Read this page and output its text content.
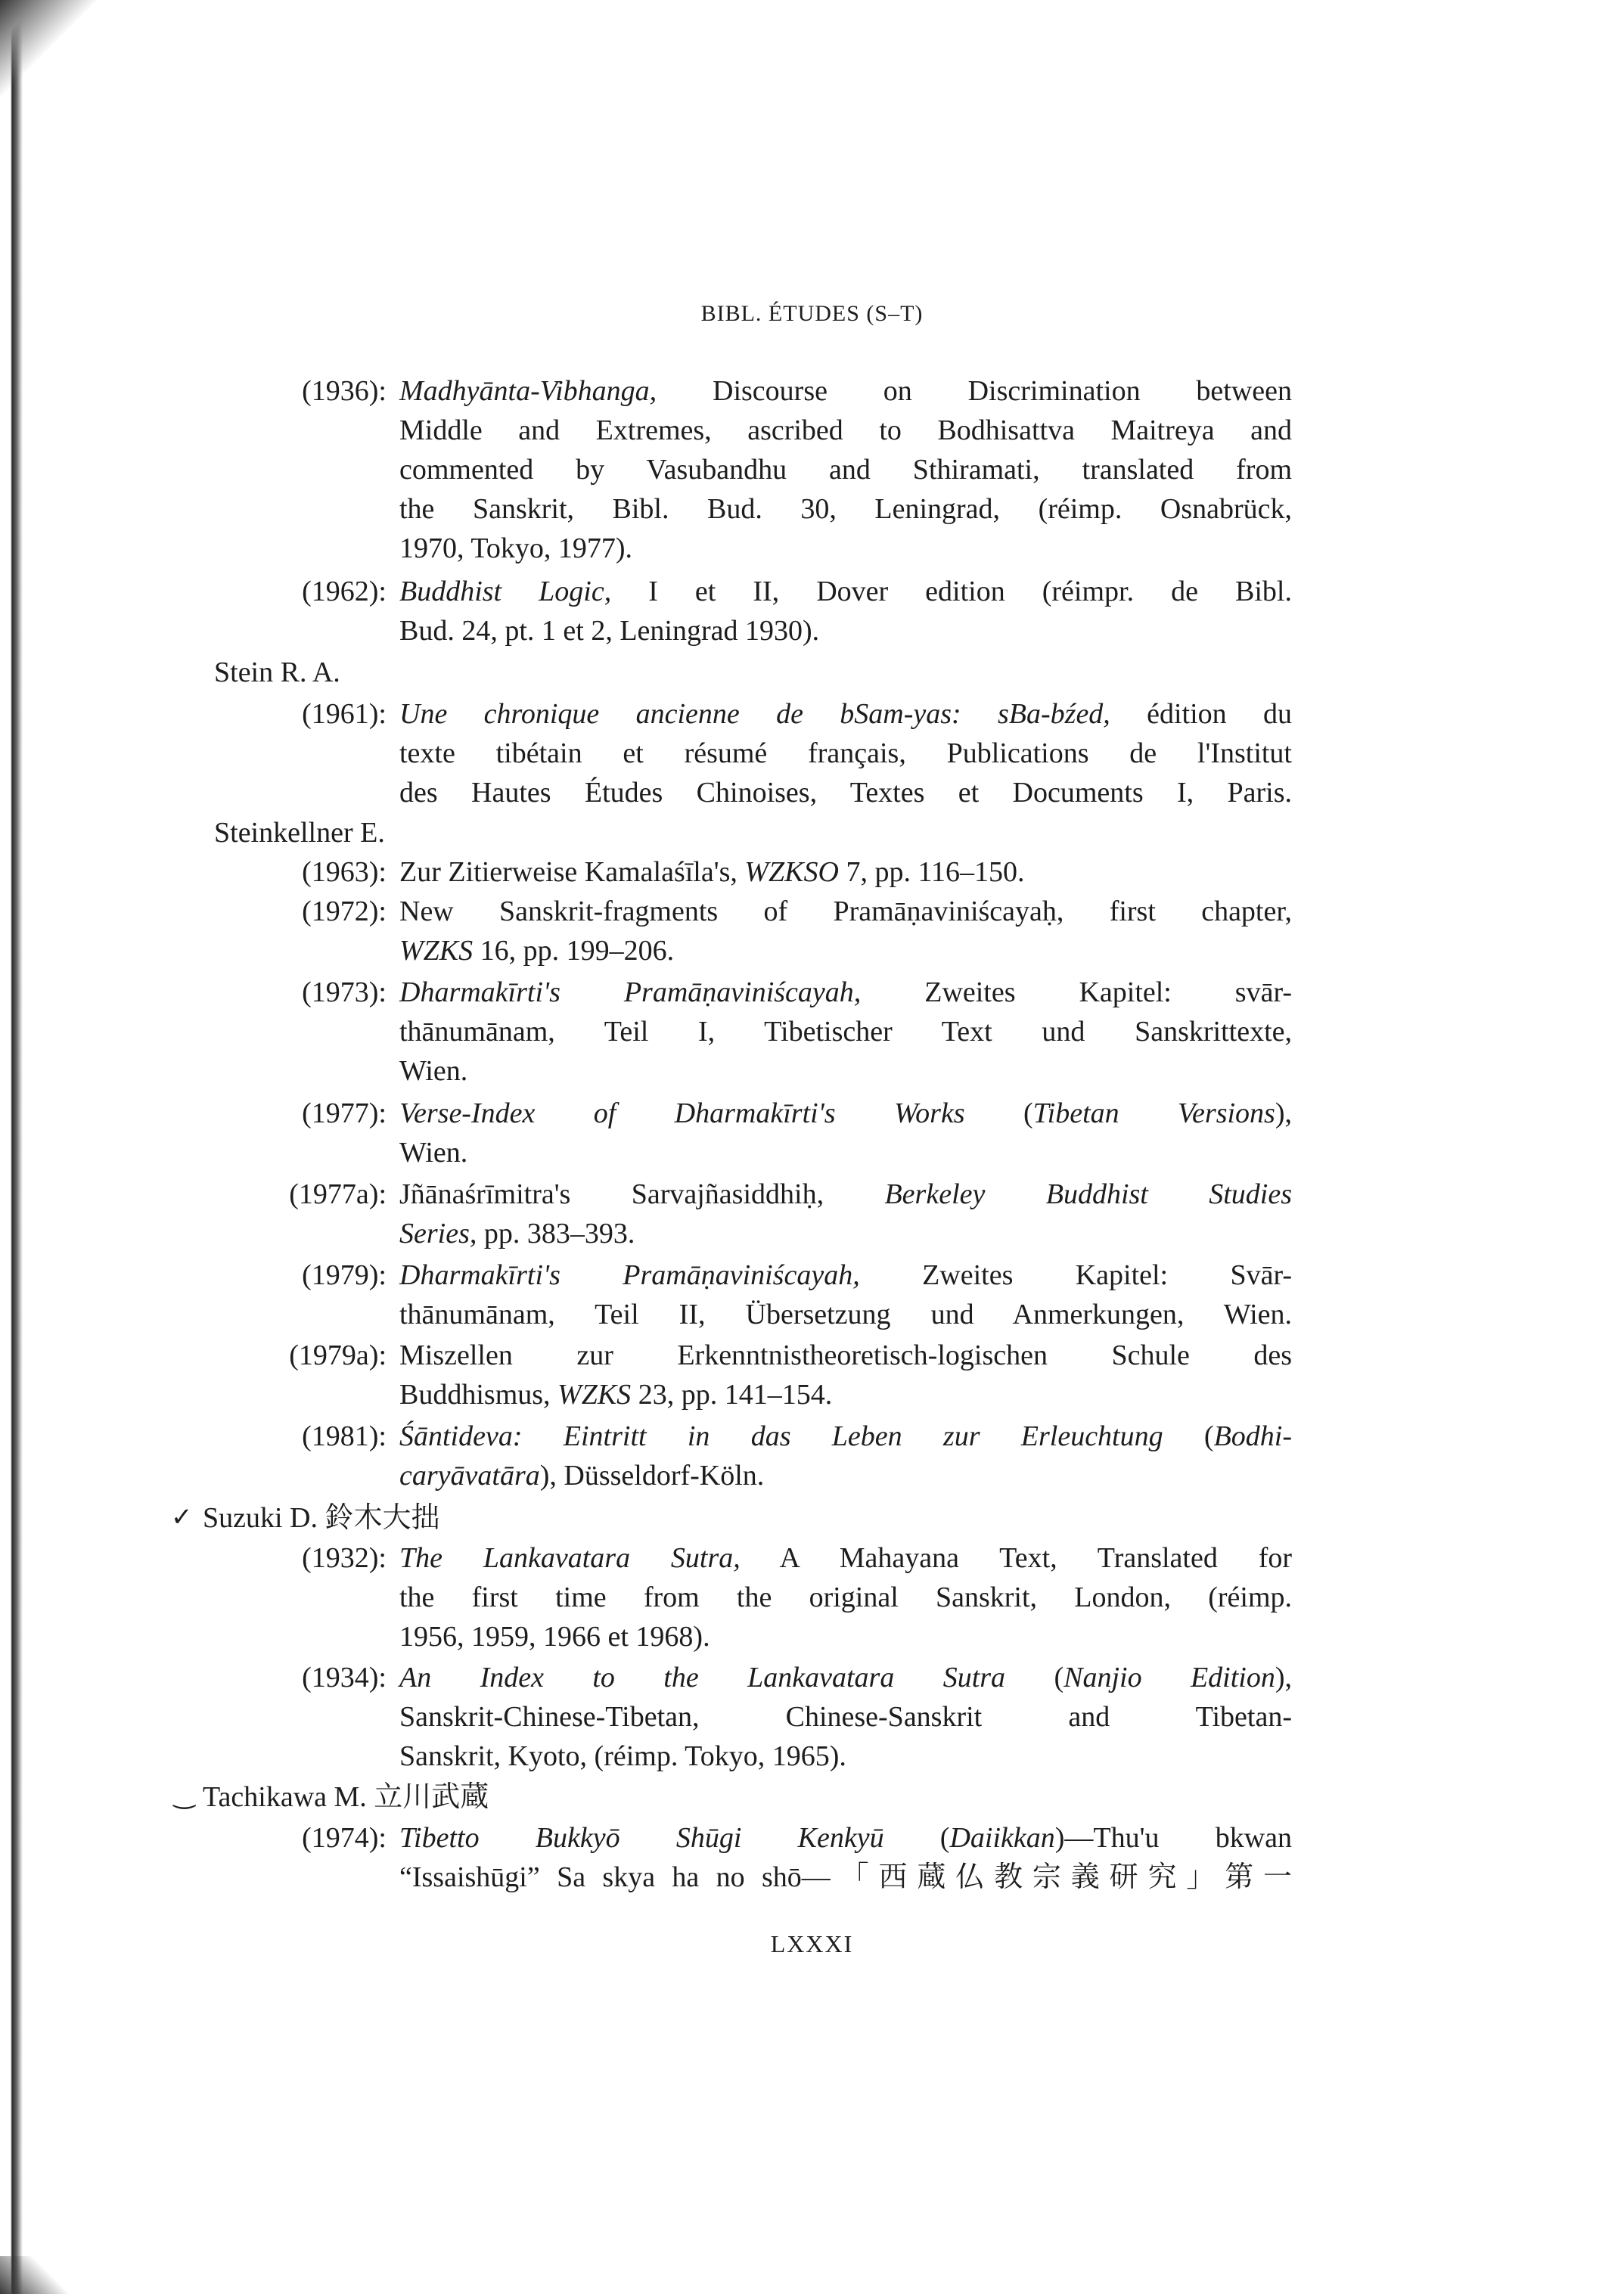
BIBL. ÉTUDES (S–T)
(1936): Madhyānta-Vibhanga, Discourse on Discrimination between
Middle and Extremes, ascribed to Bodhisattva Maitreya and
commented by Vasubandhu and Sthiramati, translated from
the Sanskrit, Bibl. Bud. 30, Leningrad, (réimp. Osnabrück,
1970, Tokyo, 1977).
(1962): Buddhist Logic, I et II, Dover edition (réimpr. de Bibl.
Bud. 24, pt. 1 et 2, Leningrad 1930).
Stein R. A.
(1961): Une chronique ancienne de bSam-yas: sBa-bźed, édition du
texte tibétain et résumé français, Publications de l'Institut
des Hautes Études Chinoises, Textes et Documents I, Paris.
Steinkellner E.
(1963): Zur Zitierweise Kamalaśīla's, WZKSO 7, pp. 116–150.
(1972): New Sanskrit-fragments of Pramāṇaviniścayaḥ, first chapter,
WZKS 16, pp. 199–206.
(1973): Dharmakīrti's Pramāṇaviniścayah, Zweites Kapitel: svār-
thānumānam, Teil I, Tibetischer Text und Sanskrittexte,
Wien.
(1977): Verse-Index of Dharmakīrti's Works (Tibetan Versions),
Wien.
(1977a): Jñānaśrīmitra's Sarvajñasiddhiḥ, Berkeley Buddhist Studies
Series, pp. 383–393.
(1979): Dharmakīrti's Pramāṇaviniścayah, Zweites Kapitel: Svār-
thānumānam, Teil II, Übersetzung und Anmerkungen, Wien.
(1979a): Miszellen zur Erkenntnistheoretisch-logischen Schule des
Buddhismus, WZKS 23, pp. 141–154.
(1981): Śāntideva: Eintritt in das Leben zur Erleuchtung (Bodhi-
caryāvatāra), Düsseldorf-Köln.
✓ Suzuki D. 鈴木大拙
(1932): The Lankavatara Sutra, A Mahayana Text, Translated for
the first time from the original Sanskrit, London, (réimp.
1956, 1959, 1966 et 1968).
(1934): An Index to the Lankavatara Sutra (Nanjio Edition),
Sanskrit-Chinese-Tibetan, Chinese-Sanskrit and Tibetan-
Sanskrit, Kyoto, (réimp. Tokyo, 1965).
‿ Tachikawa M. 立川武蔵
(1974): Tibetto Bukkyō Shūgi Kenkyū (Daiikkan)—Thu'u bkwan
“Issaishūgi” Sa skya ha no shō—「西蔵仏教宗義研究」第一
LXXXI
